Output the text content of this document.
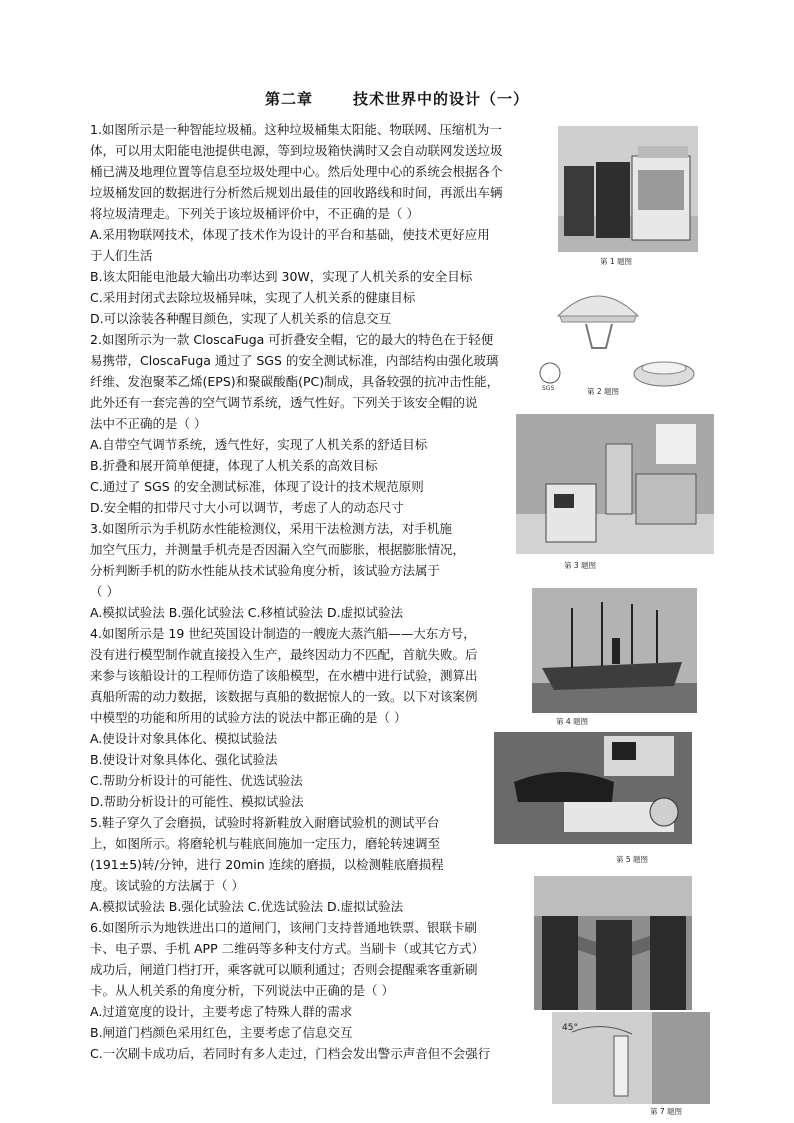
第二章	技术世界中的设计（一）
1.如图所示是一种智能垃圾桶。这种垃圾桶集太阳能、物联网、压缩机为一
体，可以用太阳能电池提供电源，等到垃圾箱快满时又会自动联网发送垃圾
桶已满及地理位置等信息至垃圾处理中心。然后处理中心的系统会根据各个
垃圾桶发回的数据进行分析然后规划出最佳的回收路线和时间，再派出车辆
将垃圾清理走。下列关于该垃圾桶评价中，不正确的是（ ）
A.采用物联网技术，体现了技术作为设计的平台和基础，使技术更好应用
于人们生活
B.该太阳能电池最大输出功率达到 30W，实现了人机关系的安全目标
C.采用封闭式去除垃圾桶异味，实现了人机关系的健康目标
D.可以涂装各种醒目颜色，实现了人机关系的信息交互
2.如图所示为一款 CloscaFuga 可折叠安全帽，它的最大的特色在于轻便
易携带，CloscaFuga 通过了 SGS 的安全测试标准，内部结构由强化玻璃
纤维、发泡聚苯乙烯(EPS)和聚碳酸酯(PC)制成，具备较强的抗冲击性能，
此外还有一套完善的空气调节系统，透气性好。下列关于该安全帽的说
法中不正确的是（ ）
A.自带空气调节系统，透气性好，实现了人机关系的舒适目标
B.折叠和展开简单便捷，体现了人机关系的高效目标
C.通过了 SGS 的安全测试标准，体现了设计的技术规范原则
D.安全帽的扣带尺寸大小可以调节，考虑了人的动态尺寸
3.如图所示为手机防水性能检测仪，采用干法检测方法，对手机施
加空气压力，并测量手机壳是否因漏入空气而膨胀，根据膨胀情况，
分析判断手机的防水性能从技术试验角度分析，该试验方法属于
（ ）
A.模拟试验法 B.强化试验法 C.移植试验法 D.虚拟试验法
4.如图所示是 19 世纪英国设计制造的一艘庞大蒸汽船——大东方号，
没有进行模型制作就直接投入生产，最终因动力不匹配，首航失败。后
来参与该船设计的工程师仿造了该船模型，在水槽中进行试验，测算出
真船所需的动力数据，该数据与真船的数据惊人的一致。以下对该案例
中模型的功能和所用的试验方法的说法中都正确的是（ ）
A.使设计对象具体化、模拟试验法
B.使设计对象具体化、强化试验法
C.帮助分析设计的可能性、优选试验法
D.帮助分析设计的可能性、模拟试验法
5.鞋子穿久了会磨损，试验时将新鞋放入耐磨试验机的测试平台
上，如图所示。将磨轮机与鞋底间施加一定压力，磨轮转速调至
(191±5)转/分钟，进行 20min 连续的磨损，以检测鞋底磨损程
度。该试验的方法属于（ ）
A.模拟试验法 B.强化试验法 C.优选试验法 D.虚拟试验法
6.如图所示为地铁进出口的道闸门，该闸门支持普通地铁票、银联卡刷
卡、电子票、手机 APP 二维码等多种支付方式。当刷卡（或其它方式）
成功后，闸道门档打开，乘客就可以顺利通过；否则会提醒乘客重新刷
卡。从人机关系的角度分析，下列说法中正确的是（ ）
A.过道宽度的设计，主要考虑了特殊人群的需求
B.闸道门档颜色采用红色，主要考虑了信息交互
C.一次刷卡成功后，若同时有多人走过，门档会发出警示声音但不会强行
第 1 题图
SGS	第 2 题图
第 3 题图
第 4 题图
第 5 题图
45°
第 7 题图
